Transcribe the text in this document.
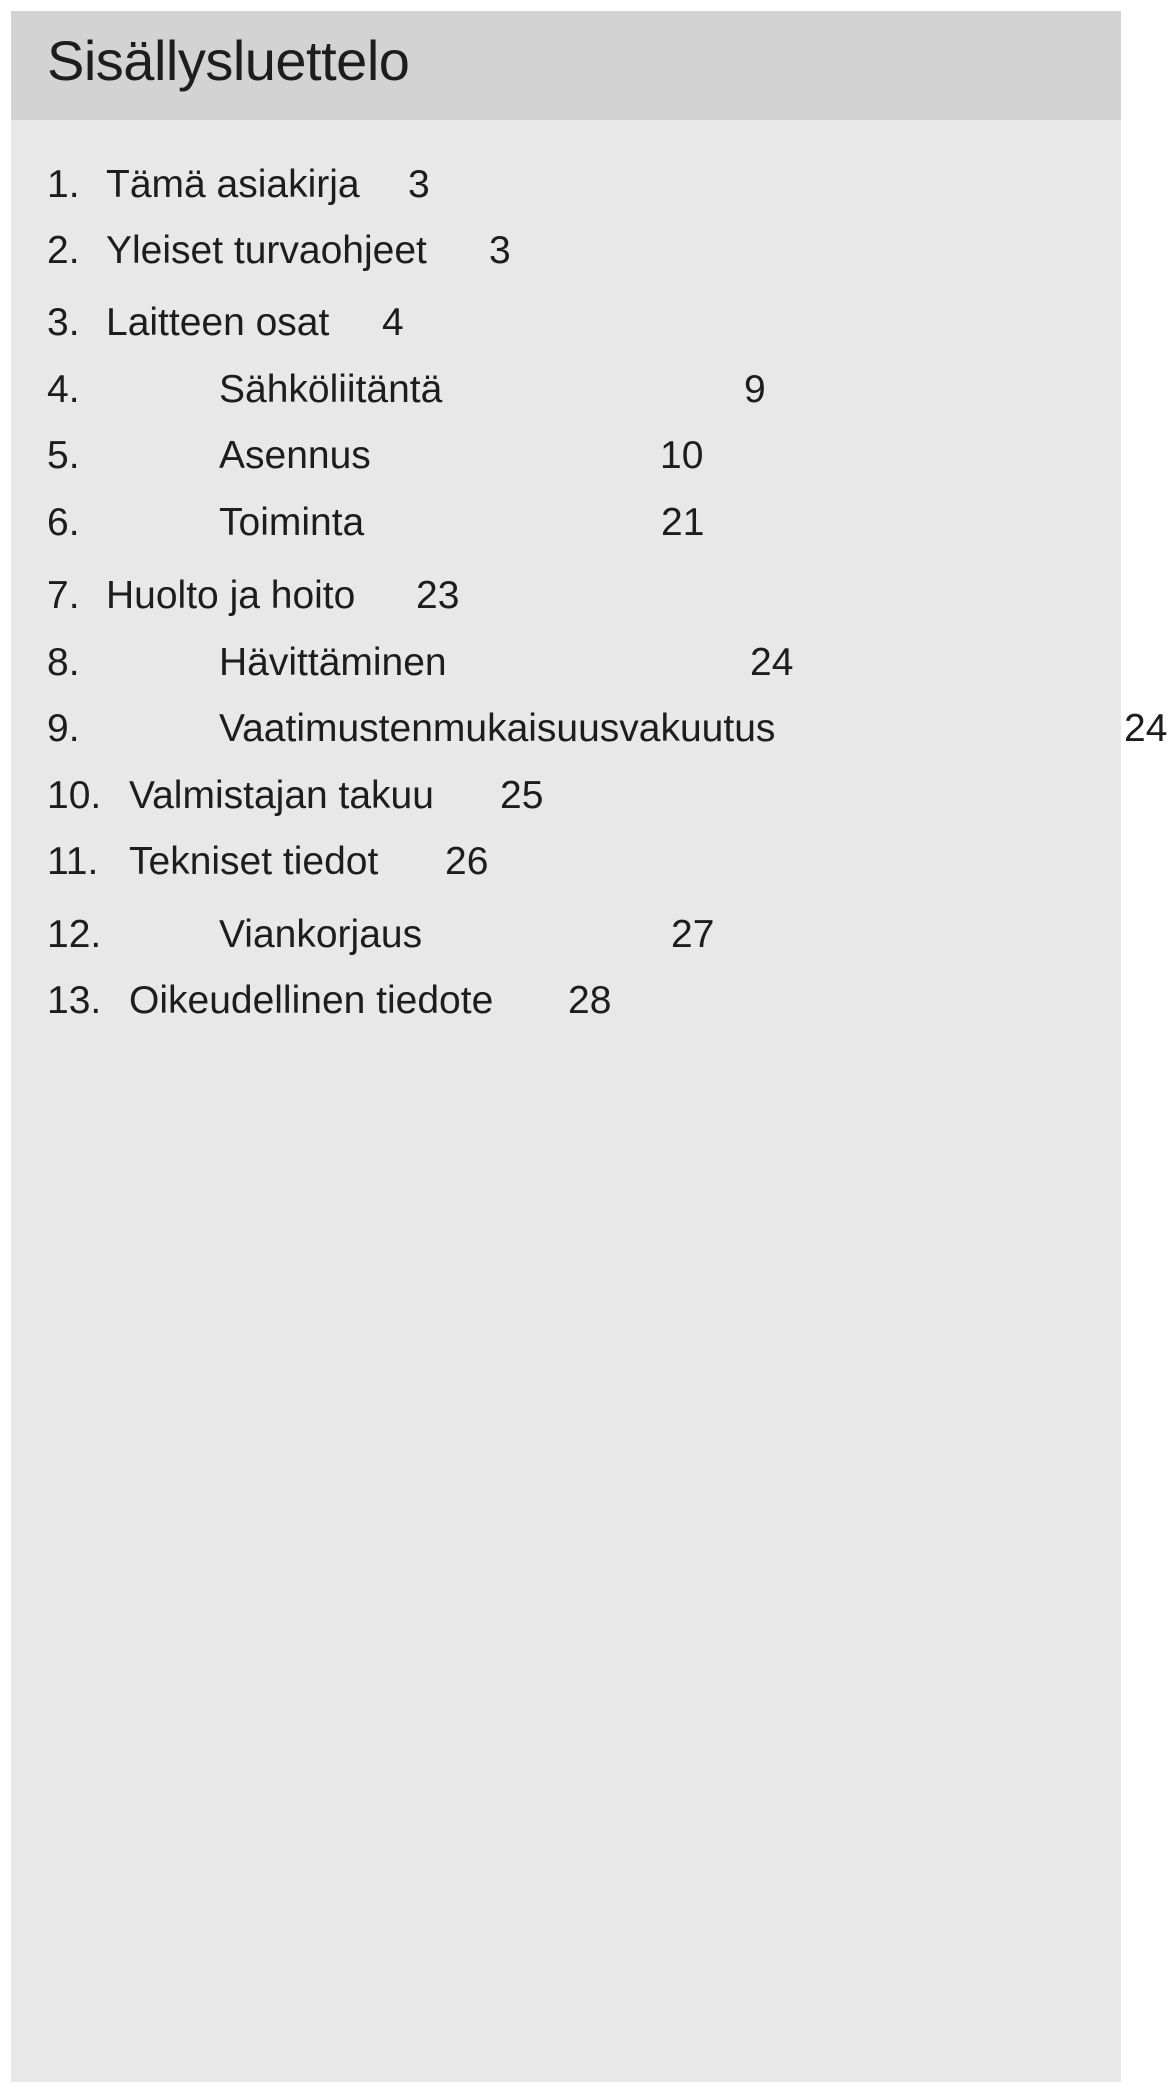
Sisällysluettelo
1. Tämä asiakirja 3
2. Yleiset turvaohjeet 3
3. Laitteen osat 4
4.	Sähköliitäntä	9
5.	Asennus	10
6.	Toiminta	21
7. Huolto ja hoito 23
8.	Hävittäminen	24
9.	Vaatimustenmukaisuusvakuutus	24
10. Valmistajan takuu 25
11. Tekniset tiedot 26
12.	Viankorjaus	27
13. Oikeudellinen tiedote 28
